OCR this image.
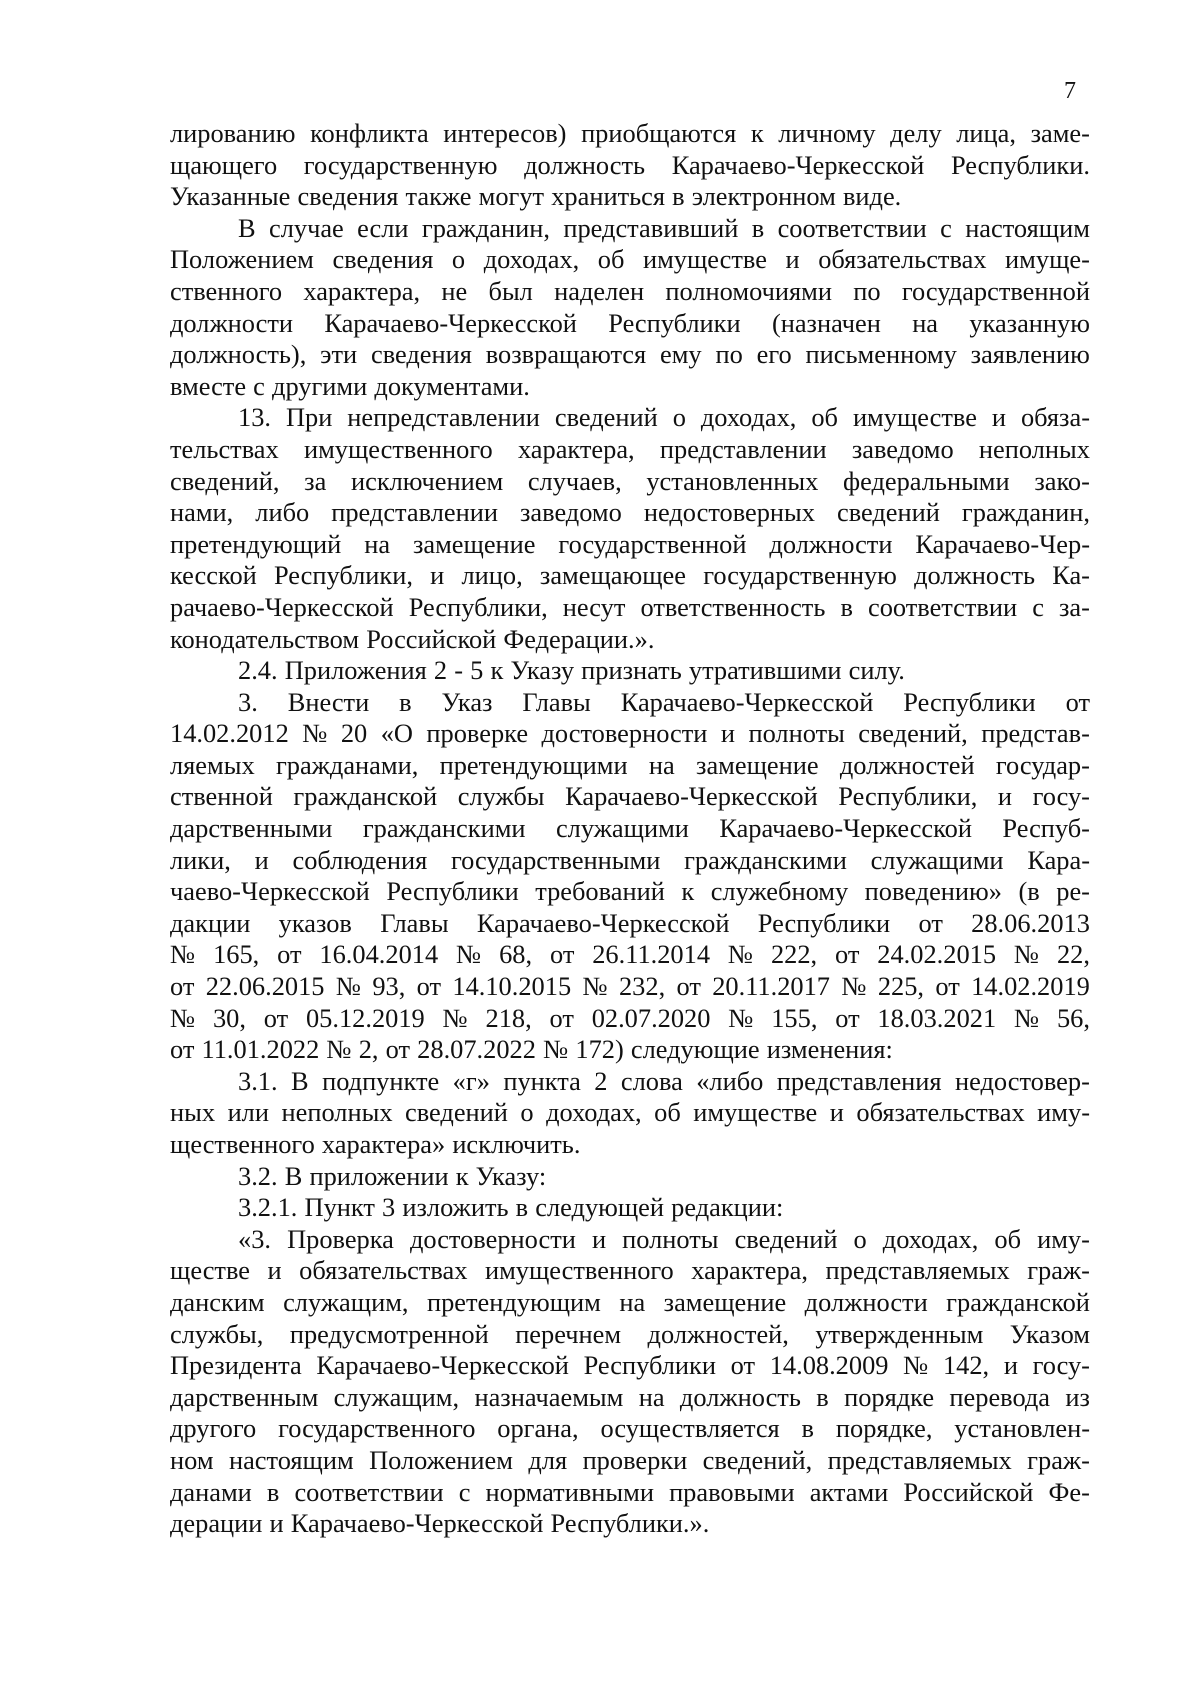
7
лированию конфликта интересов) приобщаются к личному делу лица, заме-
щающего государственную должность Карачаево-Черкесской Республики.
Указанные сведения также могут храниться в электронном виде.
В случае если гражданин, представивший в соответствии с настоящим
Положением сведения о доходах, об имуществе и обязательствах имуще-
ственного характера, не был наделен полномочиями по государственной
должности Карачаево-Черкесской Республики (назначен на указанную
должность), эти сведения возвращаются ему по его письменному заявлению
вместе с другими документами.
13. При непредставлении сведений о доходах, об имуществе и обяза-
тельствах имущественного характера, представлении заведомо неполных
сведений, за исключением случаев, установленных федеральными зако-
нами, либо представлении заведомо недостоверных сведений гражданин,
претендующий на замещение государственной должности Карачаево-Чер-
кесской Республики, и лицо, замещающее государственную должность Ка-
рачаево-Черкесской Республики, несут ответственность в соответствии с за-
конодательством Российской Федерации.».
2.4. Приложения 2 - 5 к Указу признать утратившими силу.
3. Внести в Указ Главы Карачаево-Черкесской Республики от
14.02.2012 № 20 «О проверке достоверности и полноты сведений, представ-
ляемых гражданами, претендующими на замещение должностей государ-
ственной гражданской службы Карачаево-Черкесской Республики, и госу-
дарственными гражданскими служащими Карачаево-Черкесской Респуб-
лики, и соблюдения государственными гражданскими служащими Кара-
чаево-Черкесской Республики требований к служебному поведению» (в ре-
дакции указов Главы Карачаево-Черкесской Республики от 28.06.2013
№ 165, от 16.04.2014 № 68, от 26.11.2014 № 222, от 24.02.2015 № 22,
от 22.06.2015 № 93, от 14.10.2015 № 232, от 20.11.2017 № 225, от 14.02.2019
№ 30, от 05.12.2019 № 218, от 02.07.2020 № 155, от 18.03.2021 № 56,
от 11.01.2022 № 2, от 28.07.2022 № 172) следующие изменения:
3.1. В подпункте «г» пункта 2 слова «либо представления недостовер-
ных или неполных сведений о доходах, об имуществе и обязательствах иму-
щественного характера» исключить.
3.2. В приложении к Указу:
3.2.1. Пункт 3 изложить в следующей редакции:
«3. Проверка достоверности и полноты сведений о доходах, об иму-
ществе и обязательствах имущественного характера, представляемых граж-
данским служащим, претендующим на замещение должности гражданской
службы, предусмотренной перечнем должностей, утвержденным Указом
Президента Карачаево-Черкесской Республики от 14.08.2009 № 142, и госу-
дарственным служащим, назначаемым на должность в порядке перевода из
другого государственного органа, осуществляется в порядке, установлен-
ном настоящим Положением для проверки сведений, представляемых граж-
данами в соответствии с нормативными правовыми актами Российской Фе-
дерации и Карачаево-Черкесской Республики.».
